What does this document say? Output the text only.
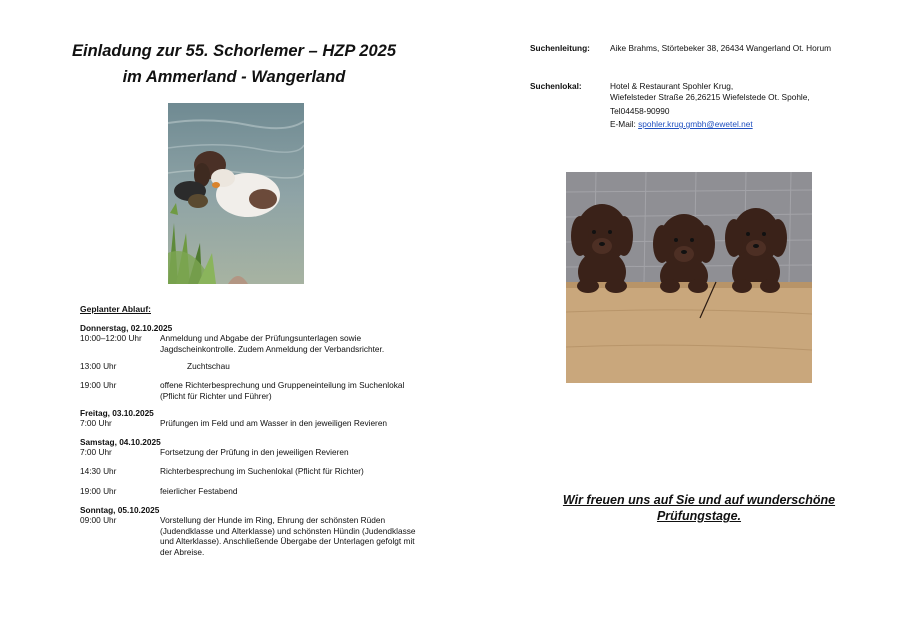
Einladung zur 55. Schorlemer – HZP 2025
im Ammerland - Wangerland
Geplanter Ablauf:
Donnerstag, 02.10.2025
10:00–12:00 Uhr Anmeldung und Abgabe der Prüfungsunterlagen sowie Jagdscheinkontrolle. Zudem Anmeldung der Verbandsrichter.
13:00 Uhr	Zuchtschau
19:00 Uhr	offene Richterbesprechung und Gruppeneinteilung im Suchenlokal (Pflicht für Richter und Führer)
Freitag, 03.10.2025
7:00 Uhr	Prüfungen im Feld und am Wasser in den jeweiligen Revieren
Samstag, 04.10.2025
7:00 Uhr	Fortsetzung der Prüfung in den jeweiligen Revieren
14:30 Uhr	Richterbesprechung im Suchenlokal (Pflicht für Richter)
19:00 Uhr	feierlicher Festabend
Sonntag, 05.10.2025
09:00 Uhr	Vorstellung der Hunde im Ring, Ehrung der schönsten Rüden (Judendklasse und Alterklasse) und schönsten Hündin (Judendklasse und Alterklasse). Anschließende Übergabe der Unterlagen gefolgt mit der Abreise.
Suchenleitung: Aike Brahms, Störtebeker 38, 26434 Wangerland Ot. Horum
Suchenlokal:	Hotel & Restaurant Spohler Krug,
Wiefelsteder Straße 26,26215 Wiefelstede Ot. Spohle,
Tel04458-90990
E-Mail: spohler.krug.gmbh@ewetel.net
Wir freuen uns auf Sie und auf wunderschöne
Prüfungstage.
